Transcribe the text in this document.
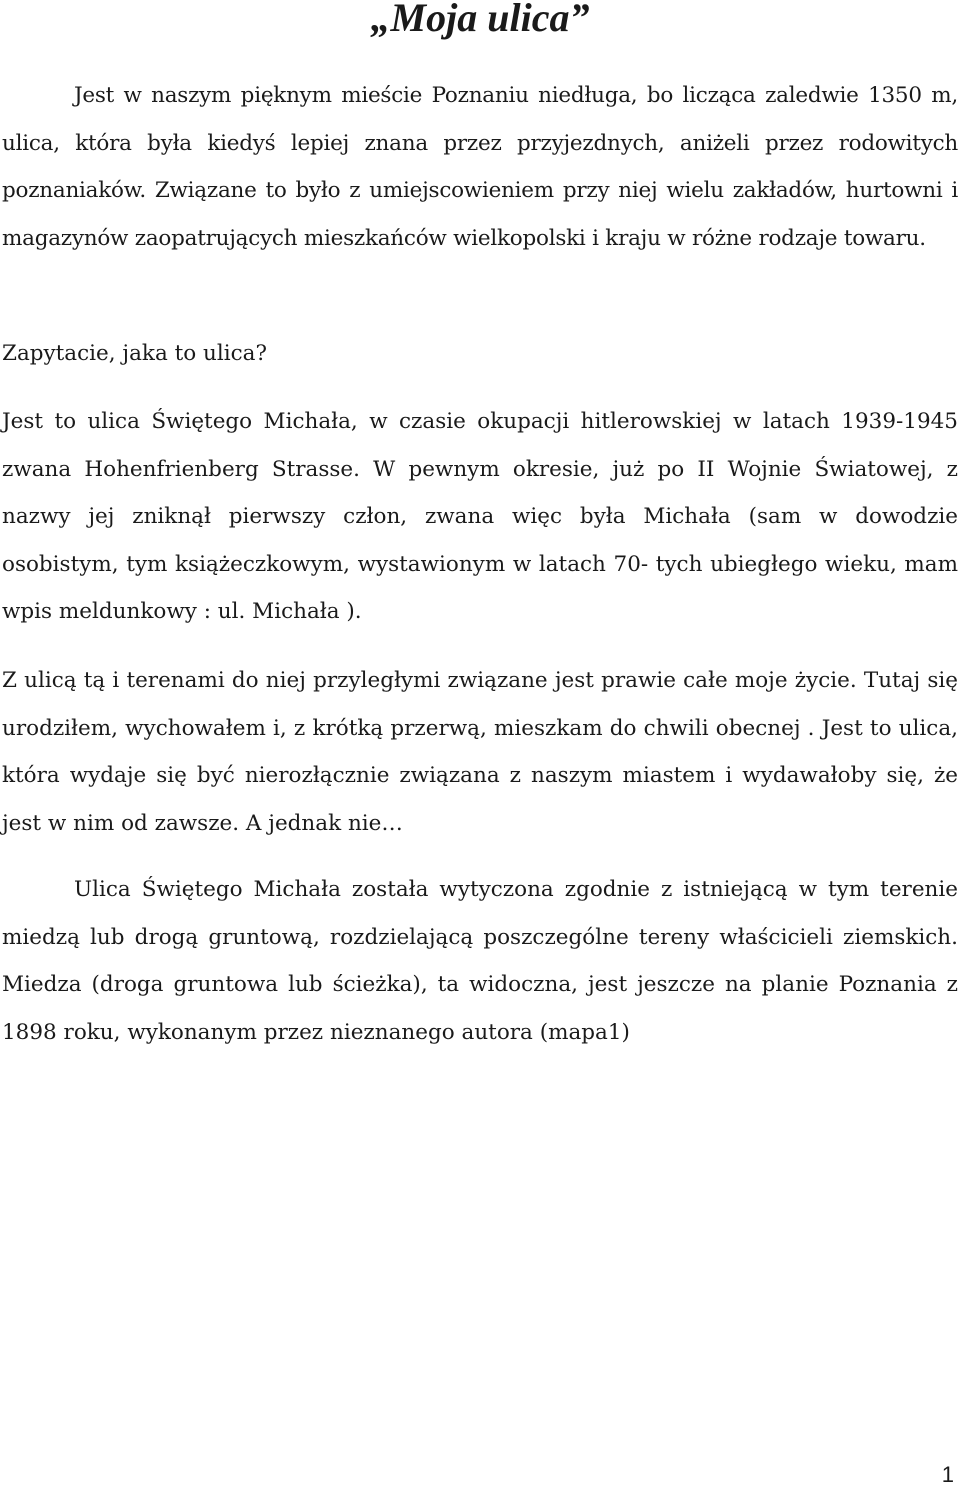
„Moja ulica”

Jest w naszym pięknym mieście Poznaniu niedługa, bo licząca zaledwie 1350 m, ulica, która była kiedyś lepiej znana przez przyjezdnych, aniżeli przez rodowitych poznaniaków. Związane to było z umiejscowieniem przy niej wielu zakładów, hurtowni i magazynów zaopatrujących mieszkańców wielkopolski i kraju w różne rodzaje towaru.

Zapytacie, jaka to ulica?

Jest to ulica Świętego Michała, w czasie okupacji hitlerowskiej w latach 1939-1945 zwana Hohenfrienberg Strasse. W pewnym okresie, już po II Wojnie Światowej, z nazwy jej zniknął pierwszy człon, zwana więc była Michała (sam w dowodzie osobistym, tym książeczkowym, wystawionym w latach 70- tych ubiegłego wieku, mam wpis meldunkowy : ul. Michała ).

Z ulicą tą i terenami do niej przyległymi związane jest prawie całe moje życie. Tutaj się urodziłem, wychowałem i, z krótką przerwą, mieszkam do chwili obecnej . Jest to ulica, która wydaje się być nierozłącznie związana z naszym miastem i wydawałoby się, że jest w nim od zawsze. A jednak nie…

Ulica Świętego Michała została wytyczona zgodnie z istniejącą w tym terenie miedzą lub drogą gruntową, rozdzielającą poszczególne tereny właścicieli ziemskich. Miedza (droga gruntowa lub ścieżka), ta widoczna, jest jeszcze na planie Poznania z 1898 roku, wykonanym przez nieznanego autora (mapa1)

1
